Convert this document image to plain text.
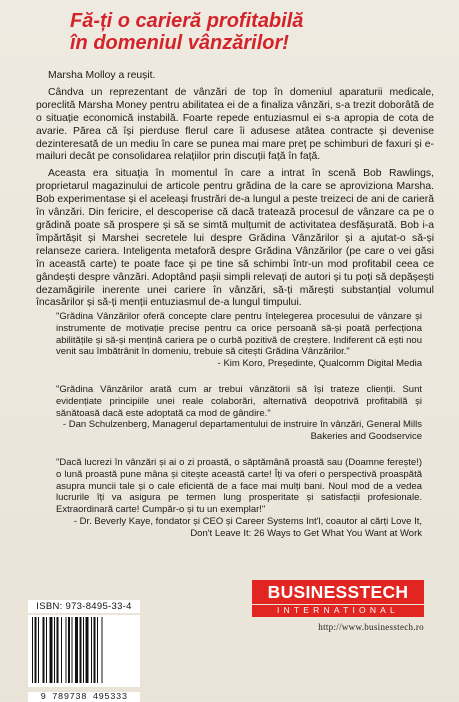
Fă-ți o carieră profitabilă
în domeniul vânzărilor!

Marsha Molloy a reușit.

Cândva un reprezentant de vânzări de top în domeniul aparaturii medicale, poreclită Marsha Money pentru abilitatea ei de a finaliza vânzări, s-a trezit doborâtă de o situație economică instabilă. Foarte repede entuziasmul ei s-a apropia de cota de avarie. Părea că își pierduse flerul care îi adusese atâtea contracte și devenise dezinteresată de un mediu în care se punea mai mare preț pe schimburi de faxuri și e-mailuri decât pe consolidarea relațiilor prin discuții față în față.

Aceasta era situația în momentul în care a intrat în scenă Bob Rawlings, proprietarul magazinului de articole pentru grădina de la care se aproviziona Marsha. Bob experimentase și el aceleași frustrări de-a lungul a peste treizeci de ani de carieră în vânzări. Din fericire, el descoperise că dacă tratează procesul de vânzare ca pe o grădină poate să prospere și să se simtă mulțumit de activitatea desfășurată. Bob i-a împărtășit și Marshei secretele lui despre Grădina Vânzărilor și a ajutat-o să-și relanseze cariera. Inteligenta metaforă despre Grădina Vânzărilor (pe care o vei găsi în această carte) te poate face și pe tine să schimbi într-un mod profitabil ceea ce gândești despre vânzări. Adoptând pașii simpli relevați de autori și tu poți să depășești dezamăgirile inerente unei cariere în vânzări, să-ți mărești substanțial volumul încasărilor și să-ți menții entuziasmul de-a lungul timpului.

"Grădina Vânzărilor oferă concepte clare pentru înțelegerea procesului de vânzare și instrumente de motivație precise pentru ca orice persoană să-și poată perfecționa abilitățile și să-și mențină cariera pe o curbă pozitivă de creștere. Indiferent că ești nou venit sau îmbătrânit în domeniu, trebuie să citești Grădina Vânzărilor."
- Kim Koro, Președinte, Qualcomm Digital Media
"Grădina Vânzărilor arată cum ar trebui vânzătorii să își trateze clienții. Sunt evidențiate principiile unei reale colaborări, alternativă deopotrivă profitabilă și sănătoasă dacă este adoptată ca mod de gândire."
- Dan Schulzenberg, Managerul departamentului de instruire în vânzări, General Mills Bakeries and Goodservice
"Dacă lucrezi în vânzări și ai o zi proastă, o săptămână proastă sau (Doamne ferește!) o lună proastă pune mâna și citește această carte! Îți va oferi o perspectivă proaspătă asupra muncii tale și o cale eficientă de a face mai mulți bani. Noul mod de a vedea lucrurile îți va asigura pe termen lung prosperitate și satisfacții profesionale. Extraordinară carte! Cumpăr-o și tu un exemplar!"
- Dr. Beverly Kaye, fondator și CEO și Career Systems Int'l, coautor al cărți Love It, Don't Leave It: 26 Ways to Get What You Want at Work

ISBN: 973-8495-33-4

9 789738 495333

BUSINESSTECH
INTERNATIONAL
http://www.businesstech.ro
